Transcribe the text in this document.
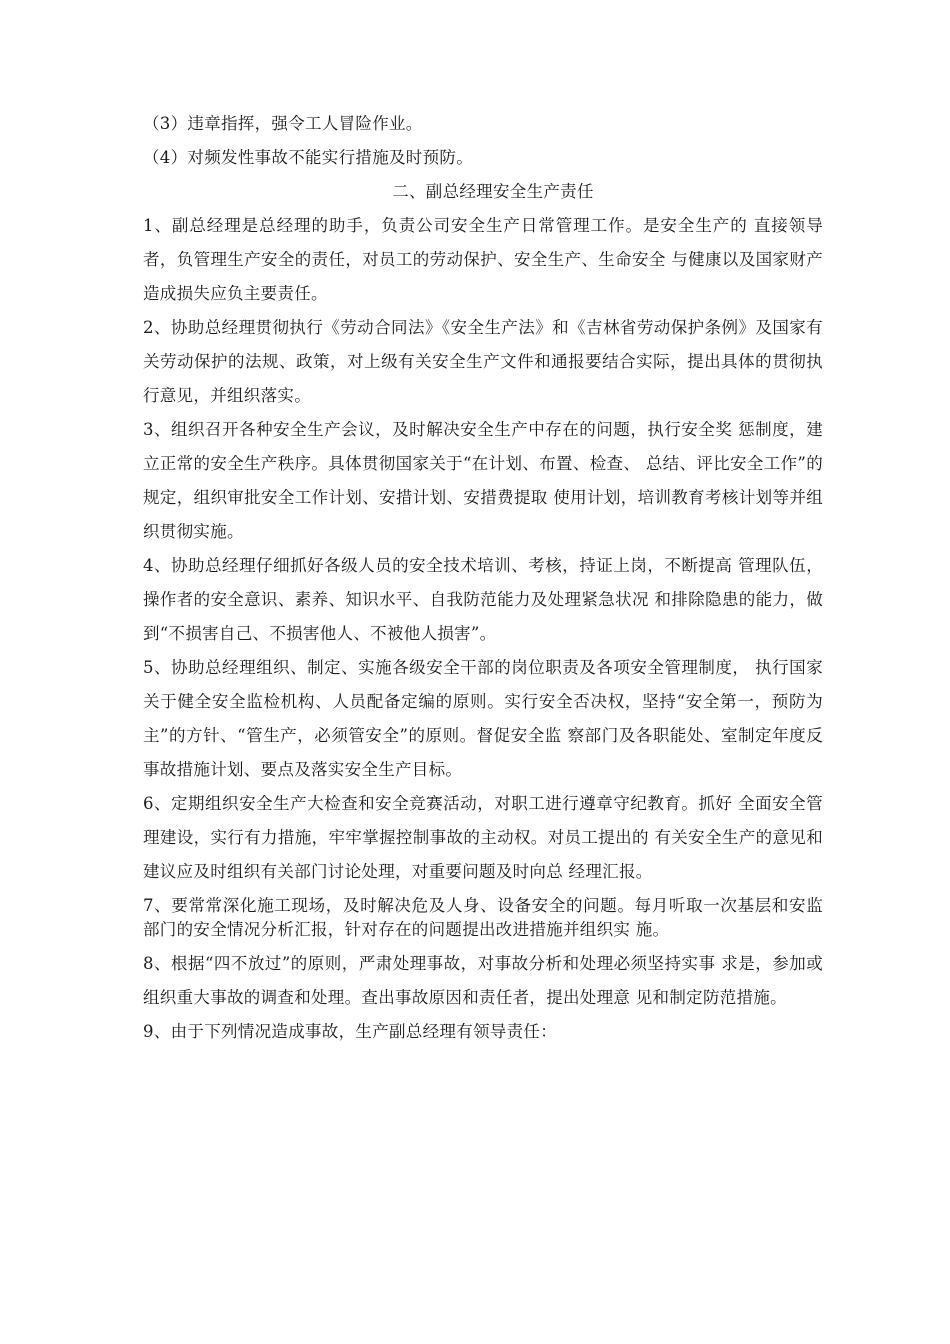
（3）违章指挥，强令工人冒险作业。
（4）对频发性事故不能实行措施及时预防。
二、副总经理安全生产责任
1、副总经理是总经理的助手，负责公司安全生产日常管理工作。是安全生产的 直接领导者，负管理生产安全的责任，对员工的劳动保护、安全生产、生命安全 与健康以及国家财产造成损失应负主要责任。
2、协助总经理贯彻执行《劳动合同法》《安全生产法》和《吉林省劳动保护条例》及国家有关劳动保护的法规、政策，对上级有关安全生产文件和通报要结合实际，提出具体的贯彻执行意见，并组织落实。
3、组织召开各种安全生产会议，及时解决安全生产中存在的问题，执行安全奖 惩制度，建立正常的安全生产秩序。具体贯彻国家关于“在计划、布置、检查、 总结、评比安全工作”的规定，组织审批安全工作计划、安措计划、安措费提取 使用计划，培训教育考核计划等并组织贯彻实施。
4、协助总经理仔细抓好各级人员的安全技术培训、考核，持证上岗，不断提高 管理队伍，操作者的安全意识、素养、知识水平、自我防范能力及处理紧急状况 和排除隐患的能力，做到“不损害自己、不损害他人、不被他人损害”。
5、协助总经理组织、制定、实施各级安全干部的岗位职责及各项安全管理制度， 执行国家关于健全安全监检机构、人员配备定编的原则。实行安全否决权，坚持“安全第一，预防为主”的方针、“管生产，必须管安全”的原则。督促安全监 察部门及各职能处、室制定年度反事故措施计划、要点及落实安全生产目标。
6、定期组织安全生产大检查和安全竞赛活动，对职工进行遵章守纪教育。抓好 全面安全管理建设，实行有力措施，牢牢掌握控制事故的主动权。对员工提出的 有关安全生产的意见和建议应及时组织有关部门讨论处理，对重要问题及时向总 经理汇报。
7、要常常深化施工现场，及时解决危及人身、设备安全的问题。每月听取一次基层和安监部门的安全情况分析汇报，针对存在的问题提出改进措施并组织实 施。
8、根据“四不放过”的原则，严肃处理事故，对事故分析和处理必须坚持实事 求是，参加或组织重大事故的调查和处理。查出事故原因和责任者，提出处理意 见和制定防范措施。
9、由于下列情况造成事故，生产副总经理有领导责任：
